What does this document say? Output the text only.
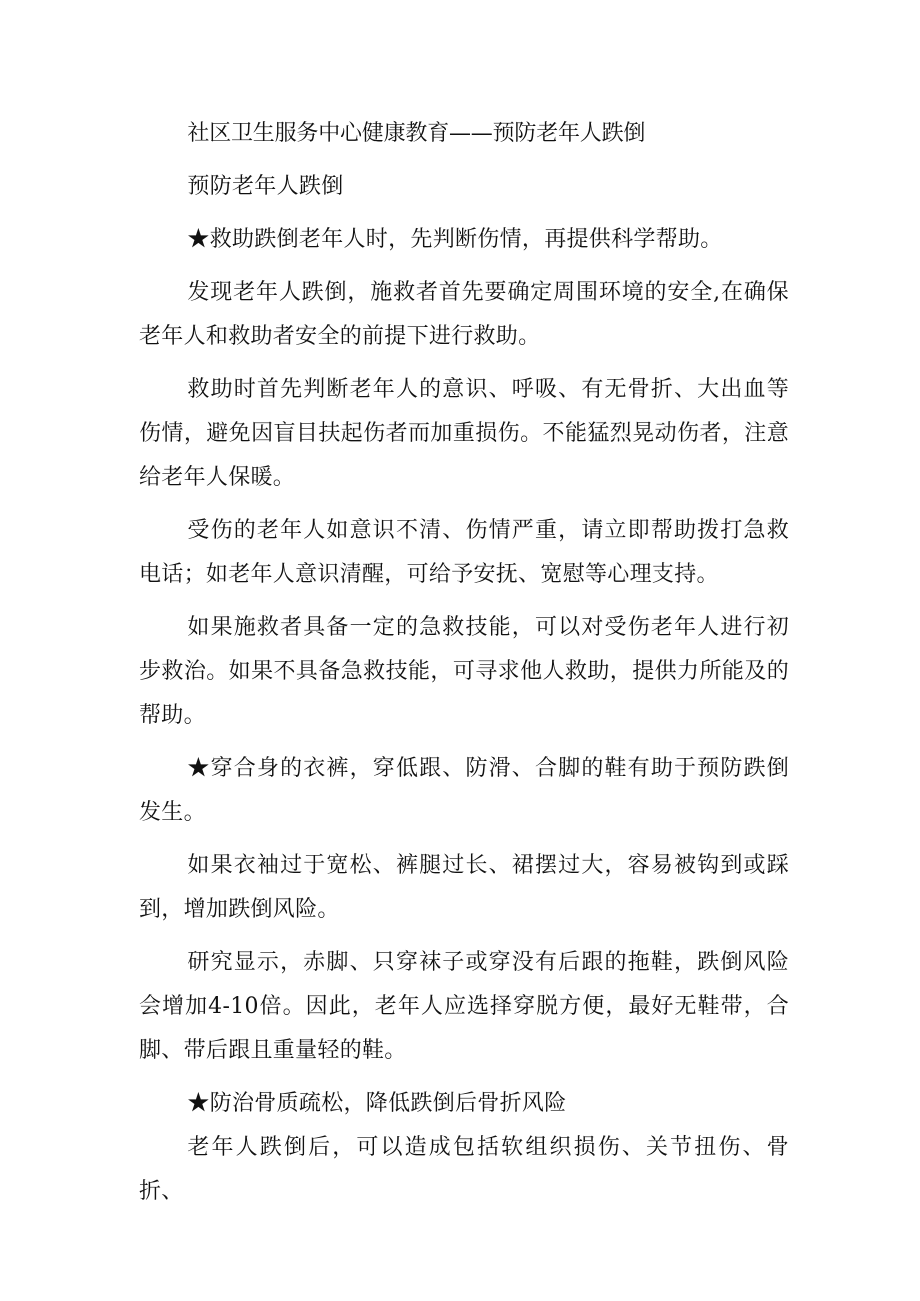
社区卫生服务中心健康教育——预防老年人跌倒

预防老年人跌倒

★救助跌倒老年人时，先判断伤情，再提供科学帮助。

发现老年人跌倒，施救者首先要确定周围环境的安全,在确保老年人和救助者安全的前提下进行救助。

救助时首先判断老年人的意识、呼吸、有无骨折、大出血等伤情，避免因盲目扶起伤者而加重损伤。不能猛烈晃动伤者，注意给老年人保暖。

受伤的老年人如意识不清、伤情严重，请立即帮助拨打急救电话；如老年人意识清醒，可给予安抚、宽慰等心理支持。

如果施救者具备一定的急救技能，可以对受伤老年人进行初步救治。如果不具备急救技能，可寻求他人救助，提供力所能及的帮助。

★穿合身的衣裤，穿低跟、防滑、合脚的鞋有助于预防跌倒发生。

如果衣袖过于宽松、裤腿过长、裙摆过大，容易被钩到或踩到，增加跌倒风险。

研究显示，赤脚、只穿袜子或穿没有后跟的拖鞋，跌倒风险会增加4-10倍。因此，老年人应选择穿脱方便，最好无鞋带，合脚、带后跟且重量轻的鞋。

★防治骨质疏松，降低跌倒后骨折风险

老年人跌倒后，可以造成包括软组织损伤、关节扭伤、骨折、
